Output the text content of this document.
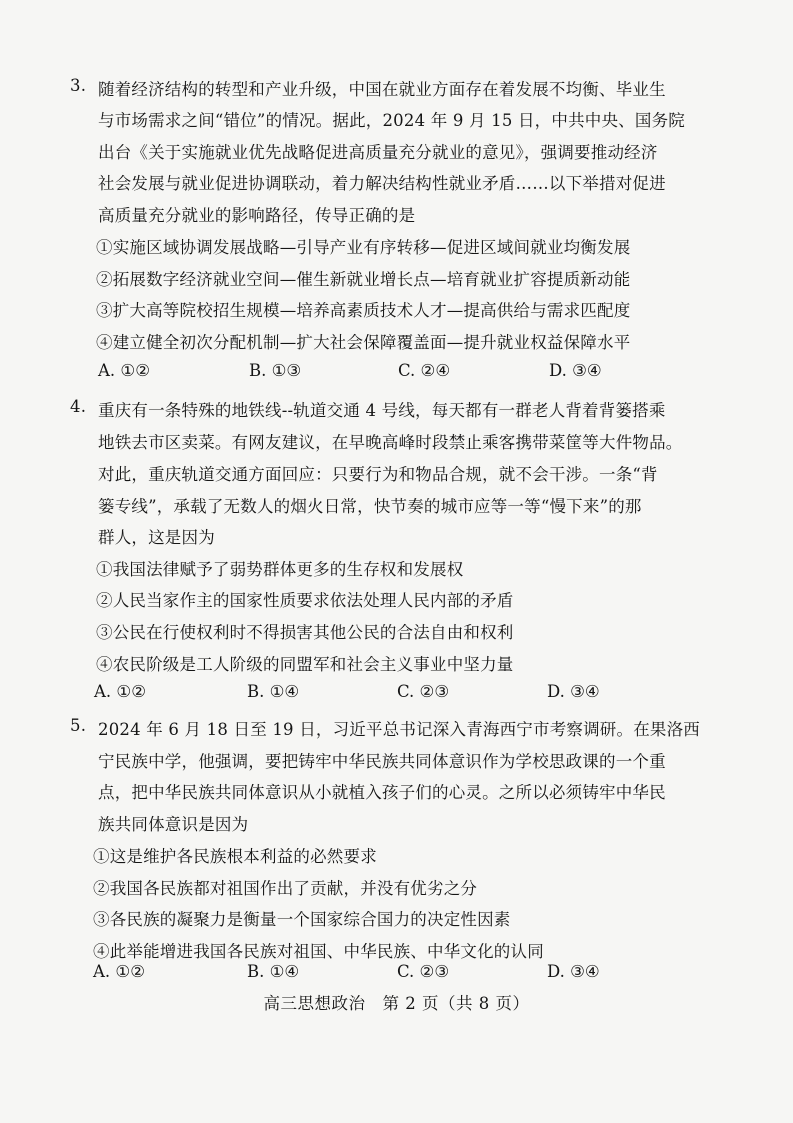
3. 随着经济结构的转型和产业升级，中国在就业方面存在着发展不均衡、毕业生
与市场需求之间“错位”的情况。据此，2024 年 9 月 15 日，中共中央、国务院
出台《关于实施就业优先战略促进高质量充分就业的意见》，强调要推动经济
社会发展与就业促进协调联动，着力解决结构性就业矛盾……以下举措对促进
高质量充分就业的影响路径，传导正确的是
①实施区域协调发展战略—引导产业有序转移—促进区域间就业均衡发展
②拓展数字经济就业空间—催生新就业增长点—培育就业扩容提质新动能
③扩大高等院校招生规模—培养高素质技术人才—提高供给与需求匹配度
④建立健全初次分配机制—扩大社会保障覆盖面—提升就业权益保障水平
A. ①②	B. ①③	C. ②④	D. ③④
4. 重庆有一条特殊的地铁线--轨道交通 4 号线，每天都有一群老人背着背篓搭乘
地铁去市区卖菜。有网友建议，在早晚高峰时段禁止乘客携带菜筐等大件物品。
对此，重庆轨道交通方面回应：只要行为和物品合规，就不会干涉。一条“背
篓专线”，承载了无数人的烟火日常，快节奏的城市应等一等“慢下来”的那
群人，这是因为
①我国法律赋予了弱势群体更多的生存权和发展权
②人民当家作主的国家性质要求依法处理人民内部的矛盾
③公民在行使权利时不得损害其他公民的合法自由和权利
④农民阶级是工人阶级的同盟军和社会主义事业中坚力量
A. ①②	B. ①④	C. ②③	D. ③④
5. 2024 年 6 月 18 日至 19 日，习近平总书记深入青海西宁市考察调研。在果洛西
宁民族中学，他强调，要把铸牢中华民族共同体意识作为学校思政课的一个重
点，把中华民族共同体意识从小就植入孩子们的心灵。之所以必须铸牢中华民
族共同体意识是因为
①这是维护各民族根本利益的必然要求
②我国各民族都对祖国作出了贡献，并没有优劣之分
③各民族的凝聚力是衡量一个国家综合国力的决定性因素
④此举能增进我国各民族对祖国、中华民族、中华文化的认同
A. ①②	B. ①④	C. ②③	D. ③④
高三思想政治　第 2 页（共 8 页）
